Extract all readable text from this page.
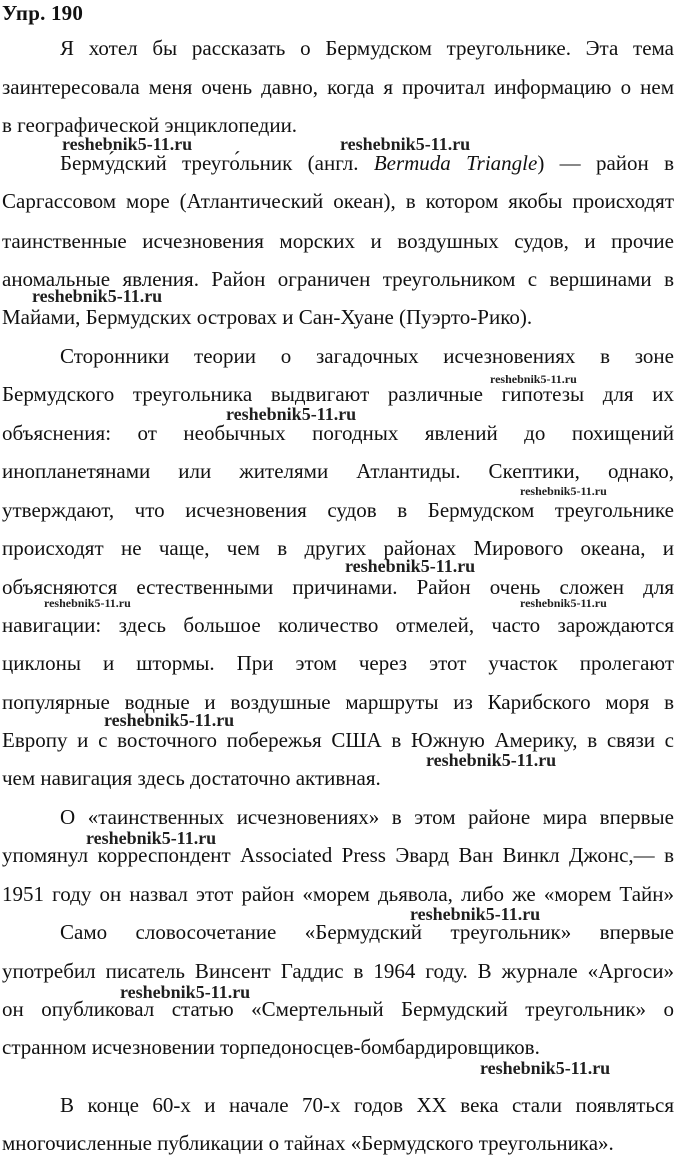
Упр. 190
Я хотел бы рассказать о Бермудском треугольнике. Эта тема
заинтересовала меня очень давно, когда я прочитал информацию о нем
в географической энциклопедии.
Берму́дский треуго́льник (англ. Bermuda Triangle) — район в
Саргассовом море (Атлантический океан), в котором якобы происходят
таинственные исчезновения морских и воздушных судов, и прочие
аномальные явления. Район ограничен треугольником с вершинами в
Майами, Бермудских островах и Сан-Хуане (Пуэрто-Рико).
Сторонники теории о загадочных исчезновениях в зоне
Бермудского треугольника выдвигают различные гипотезы для их
объяснения: от необычных погодных явлений до похищений
инопланетянами или жителями Атлантиды. Скептики, однако,
утверждают, что исчезновения судов в Бермудском треугольнике
происходят не чаще, чем в других районах Мирового океана, и
объясняются естественными причинами. Район очень сложен для
навигации: здесь большое количество отмелей, часто зарождаются
циклоны и штормы. При этом через этот участок пролегают
популярные водные и воздушные маршруты из Карибского моря в
Европу и с восточного побережья США в Южную Америку, в связи с
чем навигация здесь достаточно активная.
О «таинственных исчезновениях» в этом районе мира впервые
упомянул корреспондент Associated Press Эвард Ван Винкл Джонс,— в
1951 году он назвал этот район «морем дьявола, либо же «морем Тайн»
Само словосочетание «Бермудский треугольник» впервые
употребил писатель Винсент Гаддис в 1964 году. В журнале «Аргоси»
он опубликовал статью «Смертельный Бермудский треугольник» о
странном исчезновении торпедоносцев-бомбардировщиков.
В конце 60-х и начале 70-х годов XX века стали появляться
многочисленные публикации о тайнах «Бермудского треугольника».
reshebnik5-11.ru	reshebnik5-11.ru
reshebnik5-11.ru
reshebnik5-11.ru
reshebnik5-11.ru
reshebnik5-11.ru
reshebnik5-11.ru
reshebnik5-11.ru	reshebnik5-11.ru
reshebnik5-11.ru
reshebnik5-11.ru
reshebnik5-11.ru
reshebnik5-11.ru
reshebnik5-11.ru
reshebnik5-11.ru
